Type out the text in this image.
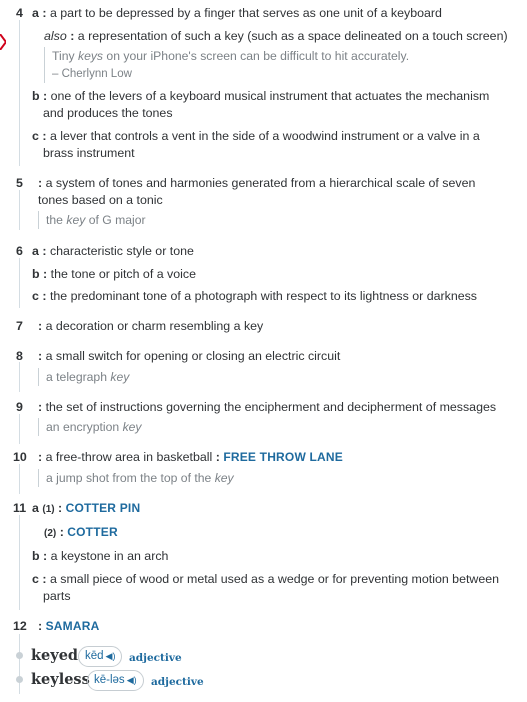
4 a : a part to be depressed by a finger that serves as one unit of a keyboard
also : a representation of such a key (such as a space delineated on a touch screen)
Tiny keys on your iPhone's screen can be difficult to hit accurately.
– Cherlynn Low
b : one of the levers of a keyboard musical instrument that actuates the mechanism
and produces the tones
c : a lever that controls a vent in the side of a woodwind instrument or a valve in a
brass instrument
5 : a system of tones and harmonies generated from a hierarchical scale of seven
tones based on a tonic
the key of G major
6 a : characteristic style or tone
b : the tone or pitch of a voice
c : the predominant tone of a photograph with respect to its lightness or darkness
7 : a decoration or charm resembling a key
8 : a small switch for opening or closing an electric circuit
a telegraph key
9 : the set of instructions governing the encipherment and decipherment of messages
an encryption key
10 : a free-throw area in basketball : FREE THROW LANE
a jump shot from the top of the key
11 a (1) : COTTER PIN
(2) : COTTER
b : a keystone in an arch
c : a small piece of wood or metal used as a wedge or for preventing motion between
parts
12 : SAMARA
keyed kēd ◀︎)	adjective
keyless kē-ləs ◀︎)	adjective
